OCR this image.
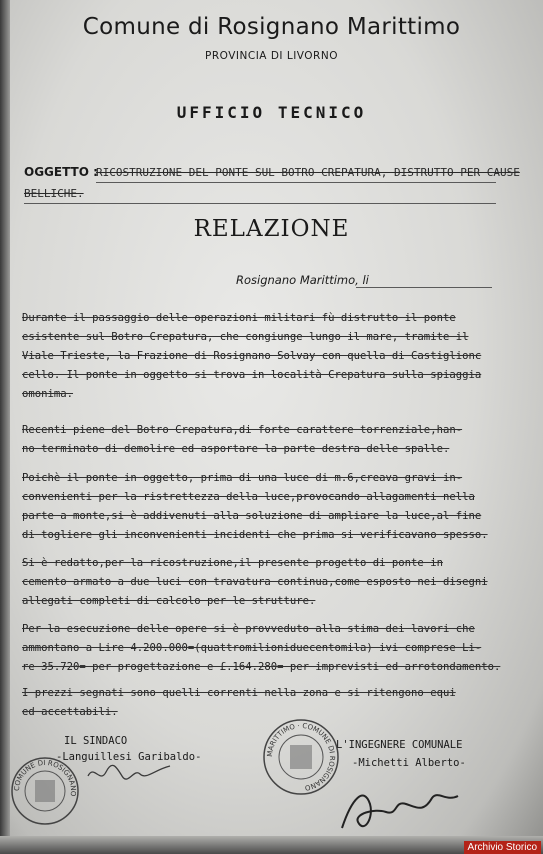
Comune di Rosignano Marittimo
PROVINCIA DI LIVORNO
UFFICIO TECNICO
OGGETTO :
RICOSTRUZIONE DEL PONTE SUL BOTRO CREPATURA, DISTRUTTO PER CAUSE
BELLICHE.
RELAZIONE
Rosignano Marittimo, li
Durante il passaggio delle operazioni militari fù distrutto il ponte
esistente sul Botro Crepatura, che congiunge lungo il mare, tramite il
Viale Trieste, la Frazione di Rosignano Solvay con quella di Castiglionc
cello. Il ponte in oggetto si trova in località Crepatura sulla spiaggia
omonima.
Recenti piene del Botro Crepatura,di forte carattere torrenziale,han-
no terminato di demolire ed asportare la parte destra delle spalle.
Poichè il ponte in oggetto, prima di una luce di m.6,creava gravi in-
convenienti per la ristrettezza della luce,provocando allagamenti nella
parte a monte,si è addivenuti alla soluzione di ampliare la luce,al fine
di togliere gli inconvenienti incidenti che prima si verificavano spesso.
Si è redatto,per la ricostruzione,il presente progetto di ponte in
cemento armato a due luci con travatura continua,come esposto nei disegni
allegati completi di calcolo per le strutture.
Per la esecuzione delle opere si è provveduto alla stima dei lavori che
ammontano a Lire 4.200.000=(quattromilioniduecentomila) ivi comprese Li-
re 35.720= per progettazione e £.164.280= per imprevisti ed arrotondamento.
I prezzi segnati sono quelli correnti nella zona e si ritengono equi
ed accettabili.
IL SINDACO
-Languillesi Garibaldo-
L'INGEGNERE COMUNALE
-Michetti Alberto-
COMUNE DI ROSIGNANO
MARITTIMO · COMUNE DI ROSIGNANO
Archivio Storico
